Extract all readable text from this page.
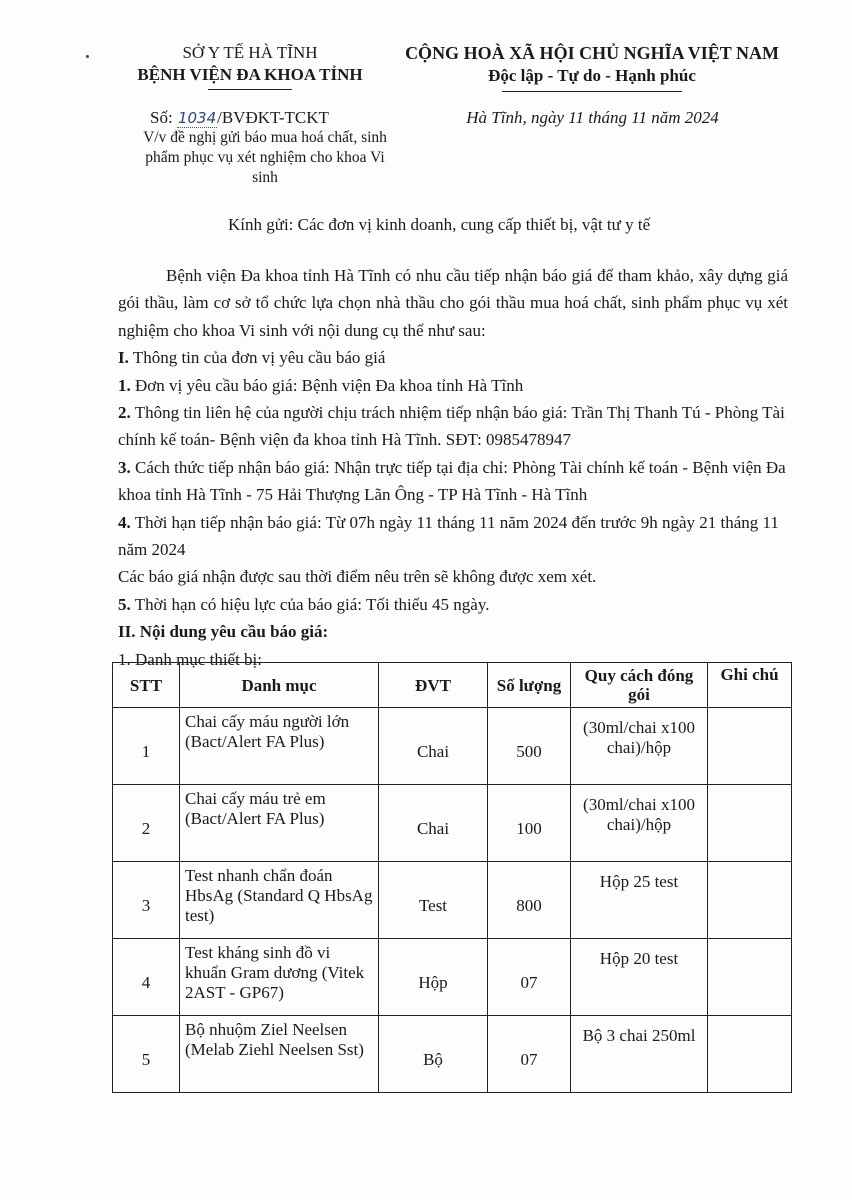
SỞ Y TẾ HÀ TĨNH
BỆNH VIỆN ĐA KHOA TỈNH
CỘNG HOÀ XÃ HỘI CHỦ NGHĨA VIỆT NAM
Độc lập - Tự do - Hạnh phúc
Số: 1034/BVĐKT-TCKT
V/v đề nghị gửi báo mua hoá chất, sinh phẩm phục vụ xét nghiệm cho khoa Vi sinh
Hà Tĩnh, ngày 11 tháng 11 năm 2024
Kính gửi: Các đơn vị kinh doanh, cung cấp thiết bị, vật tư y tế

Bệnh viện Đa khoa tỉnh Hà Tĩnh có nhu cầu tiếp nhận báo giá để tham khảo, xây dựng giá gói thầu, làm cơ sở tổ chức lựa chọn nhà thầu cho gói thầu mua hoá chất, sinh phẩm phục vụ xét nghiệm cho khoa Vi sinh với nội dung cụ thể như sau:

I. Thông tin của đơn vị yêu cầu báo giá

1. Đơn vị yêu cầu báo giá: Bệnh viện Đa khoa tỉnh Hà Tĩnh

2. Thông tin liên hệ của người chịu trách nhiệm tiếp nhận báo giá: Trần Thị Thanh Tú - Phòng Tài chính kế toán- Bệnh viện đa khoa tỉnh Hà Tĩnh. SĐT: 0985478947

3. Cách thức tiếp nhận báo giá: Nhận trực tiếp tại địa chỉ: Phòng Tài chính kế toán - Bệnh viện Đa khoa tỉnh Hà Tĩnh - 75 Hải Thượng Lãn Ông - TP Hà Tĩnh - Hà Tĩnh

4. Thời hạn tiếp nhận báo giá: Từ 07h ngày 11 tháng 11 năm 2024 đến trước 9h ngày 21 tháng 11 năm 2024

Các báo giá nhận được sau thời điểm nêu trên sẽ không được xem xét.

5. Thời hạn có hiệu lực của báo giá: Tối thiểu 45 ngày.

II. Nội dung yêu cầu báo giá:

1. Danh mục thiết bị:

STT	Danh mục	ĐVT	Số lượng	Quy cách đóng gói	Ghi chú
1	Chai cấy máu người lớn (Bact/Alert FA Plus)	Chai	500	(30ml/chai x100 chai)/hộp	
2	Chai cấy máu trẻ em (Bact/Alert FA Plus)	Chai	100	(30ml/chai x100 chai)/hộp	
3	Test nhanh chẩn đoán HbsAg (Standard Q HbsAg test)	Test	800	Hộp 25 test	
4	Test kháng sinh đồ vi khuẩn Gram dương (Vitek 2AST - GP67)	Hộp	07	Hộp 20 test	
5	Bộ nhuộm Ziel Neelsen (Melab Ziehl Neelsen Sst)	Bộ	07	Bộ 3 chai 250ml	
